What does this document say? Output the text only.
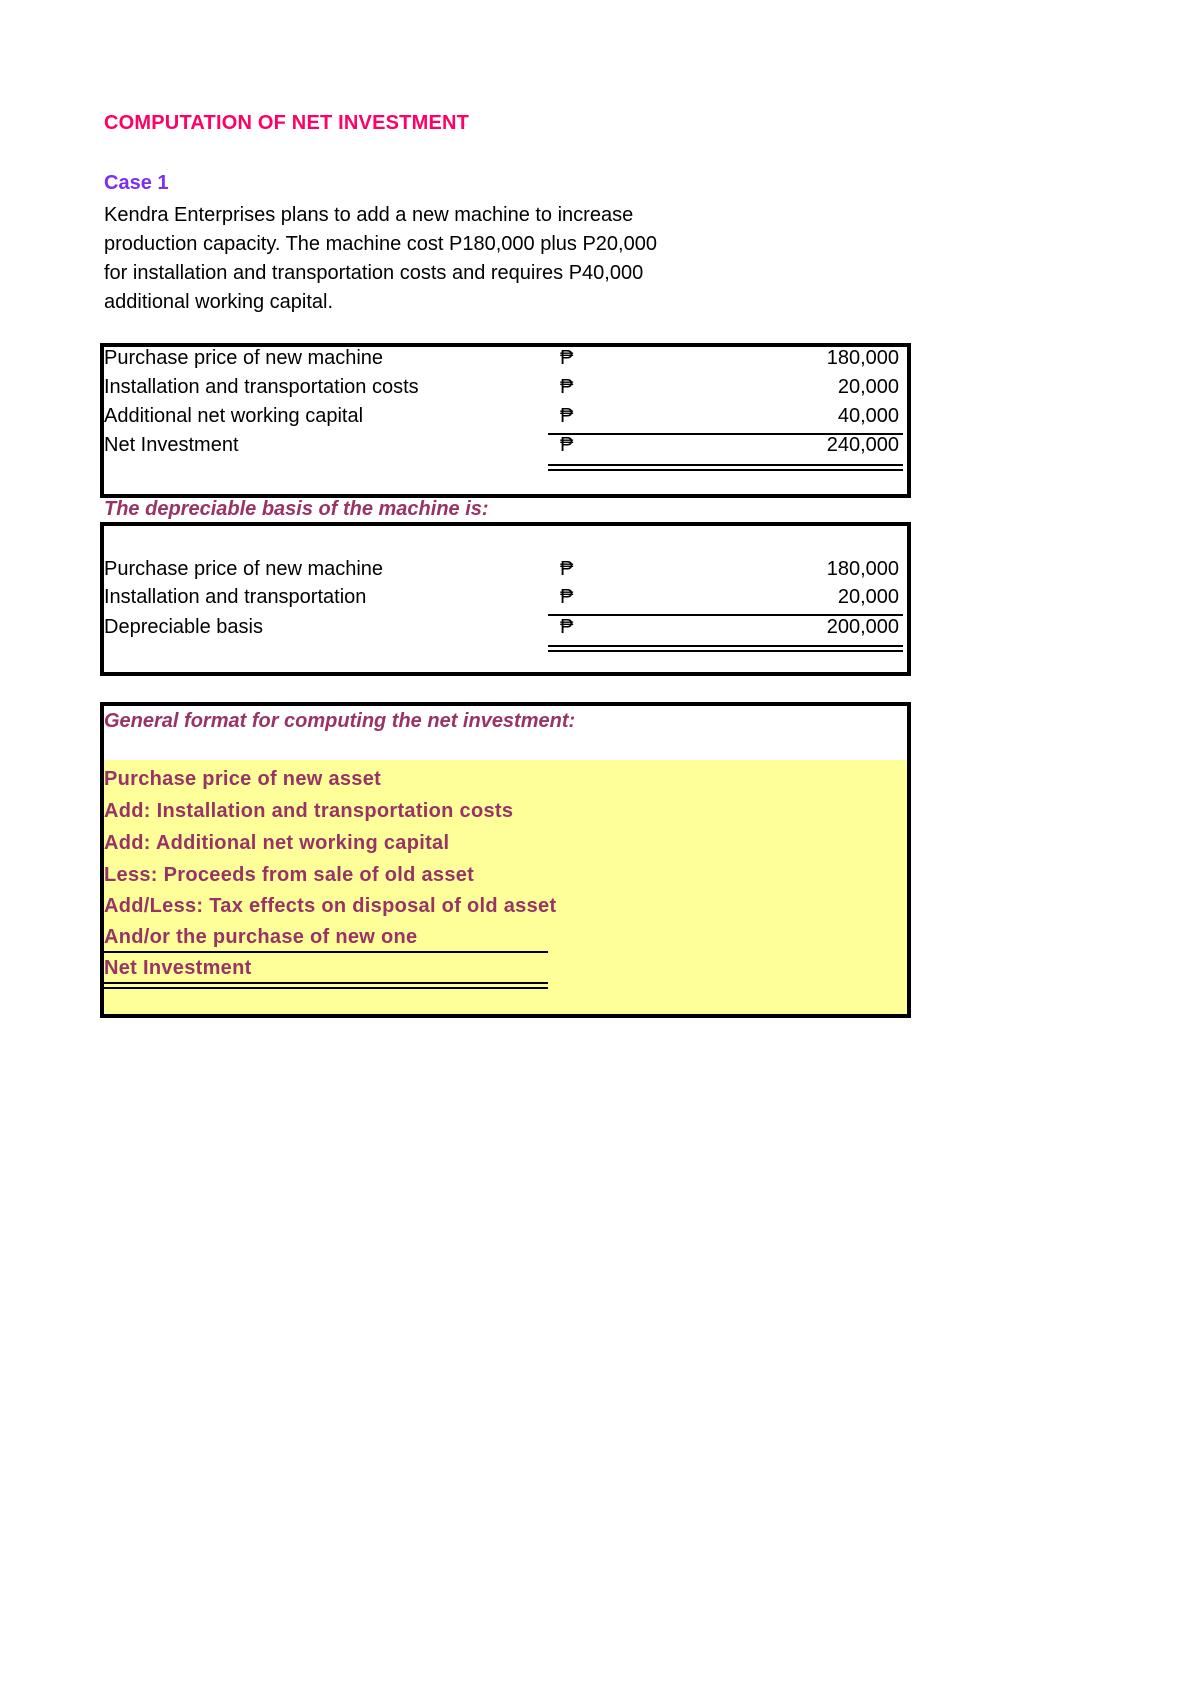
COMPUTATION OF NET INVESTMENT
Case 1
Kendra Enterprises plans to add a new machine to increase
production capacity. The machine cost P180,000 plus P20,000
for installation and transportation costs and requires P40,000
additional working capital.
Purchase price of new machine	₱	180,000
Installation and transportation costs	₱	20,000
Additional net working capital	₱	40,000
Net Investment	₱	240,000
The depreciable basis of the machine is:
Purchase price of new machine	₱	180,000
Installation and transportation	₱	20,000
Depreciable basis	₱	200,000
General format for computing the net investment:
Purchase price of new asset
Add: Installation and transportation costs
Add: Additional net working capital
Less: Proceeds from sale of old asset
Add/Less: Tax effects on disposal of old asset
And/or the purchase of new one
Net Investment
